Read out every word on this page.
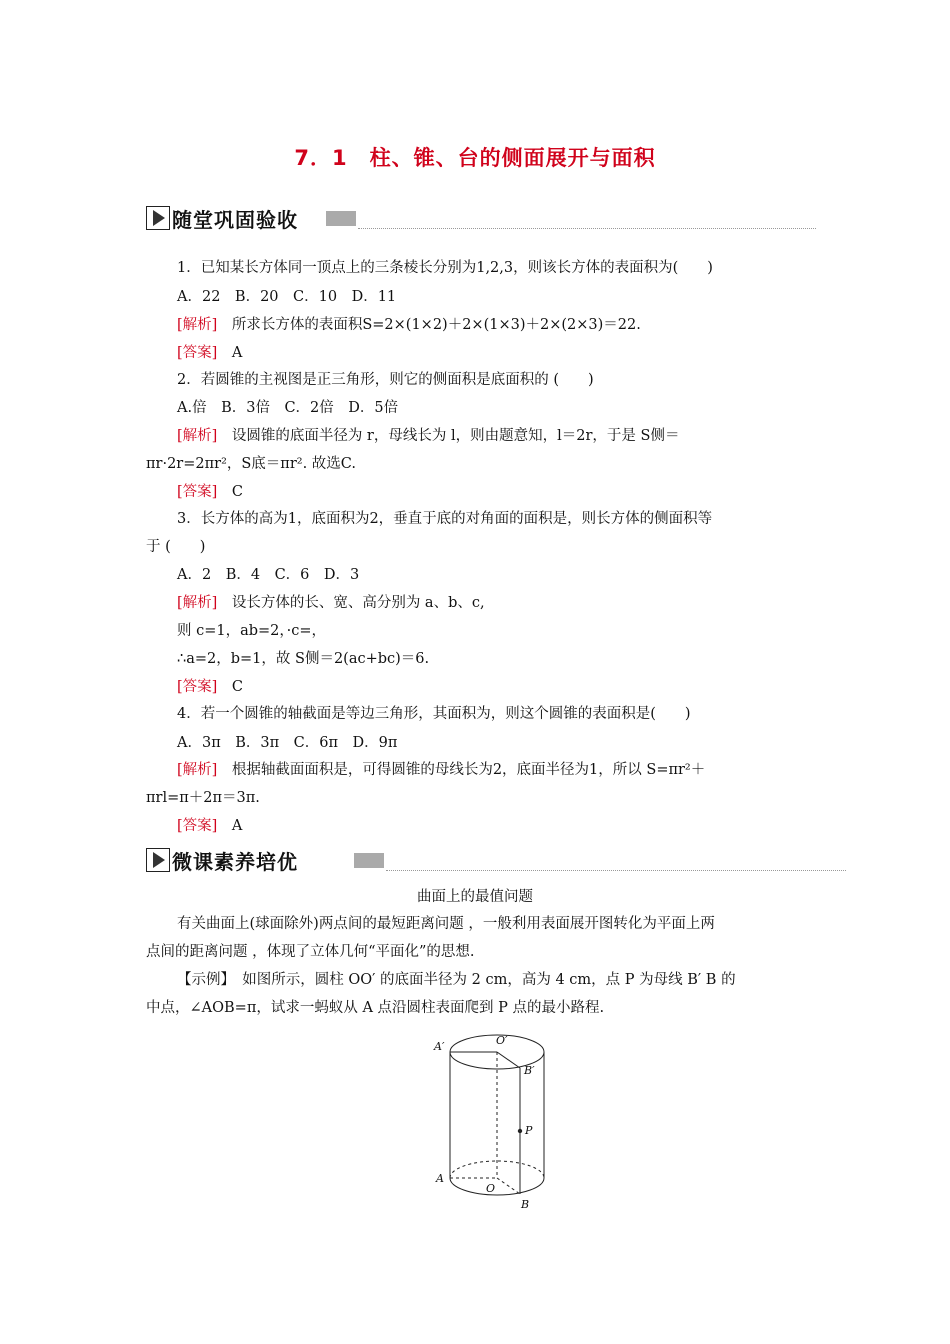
7．1　柱、锥、台的侧面展开与面积
随堂巩固验收
1．已知某长方体同一顶点上的三条棱长分别为1,2,3，则该长方体的表面积为(　　)
A．22　B．20　C．10　D．11
[解析]　 所求长方体的表面积S=2×(1×2)＋2×(1×3)＋2×(2×3)＝22.
[答案]　 A
2．若圆锥的主视图是正三角形，则它的侧面积是底面积的 (　　)
A.倍　B．3倍　C．2倍　D．5倍
[解析]　 设圆锥的底面半径为 r，母线长为 l，则由题意知，l＝2r，于是 S侧＝
πr·2r=2πr²，S底＝πr². 故选C.
[答案]　 C
3．长方体的高为1，底面积为2，垂直于底的对角面的面积是，则长方体的侧面积等
于 (　　)
A．2　B．4　C．6　D．3
[解析]　 设长方体的长、宽、高分别为 a、b、c,
则 c=1，ab=2，·c=，
∴a=2，b=1，故 S侧＝2(ac+bc)＝6.
[答案]　 C
4．若一个圆锥的轴截面是等边三角形，其面积为，则这个圆锥的表面积是(　　)
A．3π　B．3π　C．6π　D．9π
[解析]　 根据轴截面面积是，可得圆锥的母线长为2，底面半径为1，所以 S=πr²＋
πrl=π＋2π＝3π.
[答案]　 A
微课素养培优
曲面上的最值问题
有关曲面上(球面除外)两点间的最短距离问题 ，一般利用表面展开图转化为平面上两
点间的距离问题 ，体现了立体几何“平面化”的思想.
【示例】　 如图所示，圆柱 OO′ 的底面半径为 2 cm，高为 4 cm，点 P 为母线 B′ B 的
中点，∠AOB=π，试求一蚂蚁从 A 点沿圆柱表面爬到 P 点的最小路程.
A′	O′
B′
P
A
O
B
